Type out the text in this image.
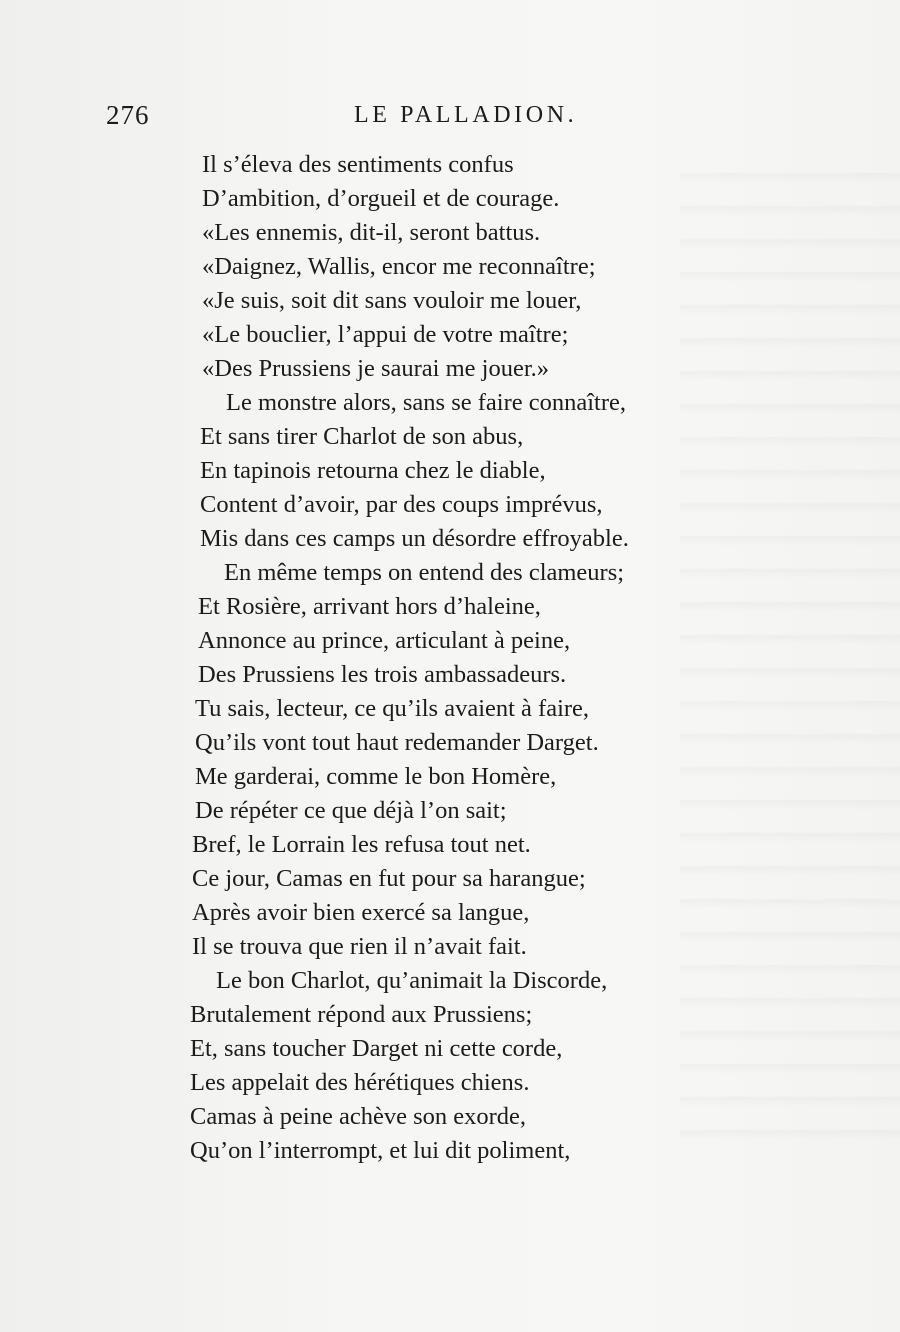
276	LE PALLADION.
Il s’éleva des sentiments confus
D’ambition, d’orgueil et de courage.
«Les ennemis, dit-il, seront battus.
«Daignez, Wallis, encor me reconnaître;
«Je suis, soit dit sans vouloir me louer,
«Le bouclier, l’appui de votre maître;
«Des Prussiens je saurai me jouer.»
Le monstre alors, sans se faire connaître,
Et sans tirer Charlot de son abus,
En tapinois retourna chez le diable,
Content d’avoir, par des coups imprévus,
Mis dans ces camps un désordre effroyable.
En même temps on entend des clameurs;
Et Rosière, arrivant hors d’haleine,
Annonce au prince, articulant à peine,
Des Prussiens les trois ambassadeurs.
Tu sais, lecteur, ce qu’ils avaient à faire,
Qu’ils vont tout haut redemander Darget.
Me garderai, comme le bon Homère,
De répéter ce que déjà l’on sait;
Bref, le Lorrain les refusa tout net.
Ce jour, Camas en fut pour sa harangue;
Après avoir bien exercé sa langue,
Il se trouva que rien il n’avait fait.
Le bon Charlot, qu’animait la Discorde,
Brutalement répond aux Prussiens;
Et, sans toucher Darget ni cette corde,
Les appelait des hérétiques chiens.
Camas à peine achève son exorde,
Qu’on l’interrompt, et lui dit poliment,
